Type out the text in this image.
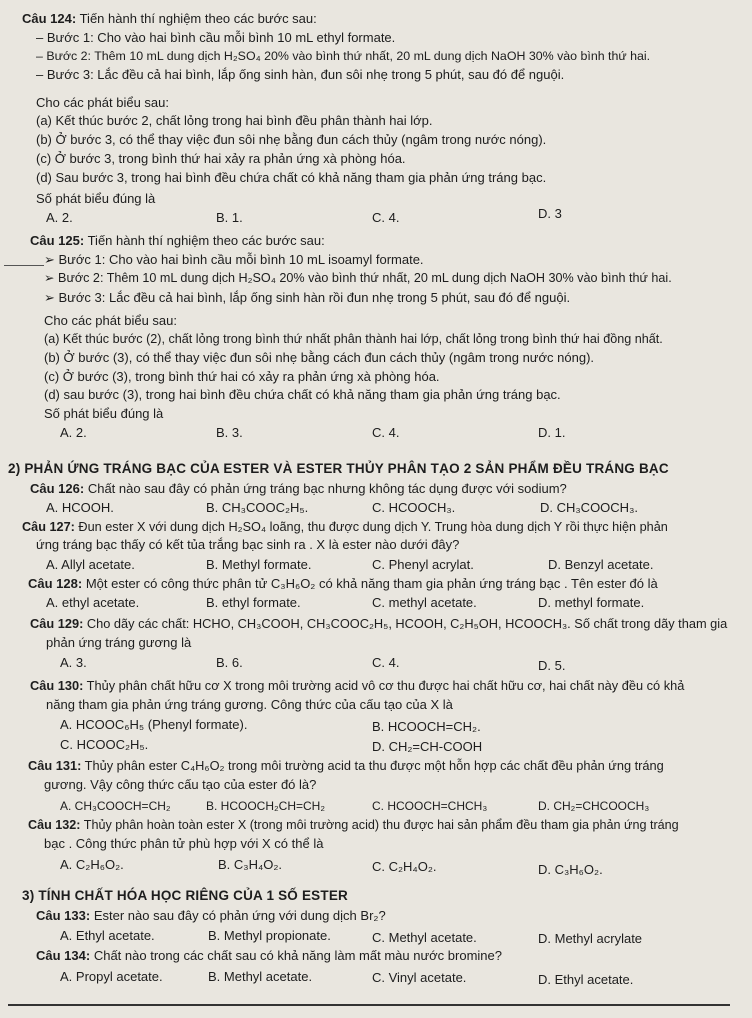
Câu 124: Tiến hành thí nghiệm theo các bước sau:
– Bước 1: Cho vào hai bình cầu mỗi bình 10 mL ethyl formate.
– Bước 2: Thêm 10 mL dung dịch H₂SO₄ 20% vào bình thứ nhất, 20 mL dung dịch NaOH 30% vào bình thứ hai.
– Bước 3: Lắc đều cả hai bình, lắp ống sinh hàn, đun sôi nhẹ trong 5 phút, sau đó để nguội.
Cho các phát biểu sau:
(a) Kết thúc bước 2, chất lỏng trong hai bình đều phân thành hai lớp.
(b) Ở bước 3, có thể thay việc đun sôi nhẹ bằng đun cách thủy (ngâm trong nước nóng).
(c) Ở bước 3, trong bình thứ hai xảy ra phản ứng xà phòng hóa.
(d) Sau bước 3, trong hai bình đều chứa chất có khả năng tham gia phản ứng tráng bạc.
Số phát biểu đúng là
A. 2.	B. 1.	C. 4.	D. 3
Câu 125: Tiến hành thí nghiệm theo các bước sau:
➢ Bước 1: Cho vào hai bình cầu mỗi bình 10 mL isoamyl formate.
➢ Bước 2: Thêm 10 mL dung dịch H₂SO₄ 20% vào bình thứ nhất, 20 mL dung dịch NaOH 30% vào bình thứ hai.
➢ Bước 3: Lắc đều cả hai bình, lắp ống sinh hàn rồi đun nhẹ trong 5 phút, sau đó để nguội.
Cho các phát biểu sau:
(a) Kết thúc bước (2), chất lỏng trong bình thứ nhất phân thành hai lớp, chất lỏng trong bình thứ hai đồng nhất.
(b) Ở bước (3), có thể thay việc đun sôi nhẹ bằng cách đun cách thủy (ngâm trong nước nóng).
(c) Ở bước (3), trong bình thứ hai có xảy ra phản ứng xà phòng hóa.
(d) sau bước (3), trong hai bình đều chứa chất có khả năng tham gia phản ứng tráng bạc.
Số phát biểu đúng là
A. 2.	B. 3.	C. 4.	D. 1.
2) PHẢN ỨNG TRÁNG BẠC CỦA ESTER VÀ ESTER THỦY PHÂN TẠO 2 SẢN PHẨM ĐỀU TRÁNG BẠC
Câu 126: Chất nào sau đây có phản ứng tráng bạc nhưng không tác dụng được với sodium?
A. HCOOH.	B. CH₃COOC₂H₅.	C. HCOOCH₃.	D. CH₃COOCH₃.
Câu 127: Đun ester X với dung dịch H₂SO₄ loãng, thu được dung dịch Y. Trung hòa dung dịch Y rồi thực hiện phản
ứng tráng bạc thấy có kết tủa trắng bạc sinh ra . X là ester nào dưới đây?
A. Allyl acetate.	B. Methyl formate.	C. Phenyl acrylat.	D. Benzyl acetate.
Câu 128: Một ester có công thức phân tử C₃H₆O₂ có khả năng tham gia phản ứng tráng bạc . Tên ester đó là
A. ethyl acetate.	B. ethyl formate.	C. methyl acetate.	D. methyl formate.
Câu 129: Cho dãy các chất: HCHO, CH₃COOH, CH₃COOC₂H₅, HCOOH, C₂H₅OH, HCOOCH₃. Số chất trong dãy tham gia
phản ứng tráng gương là
A. 3.	B. 6.	C. 4.	D. 5.
Câu 130: Thủy phân chất hữu cơ X trong môi trường acid vô cơ thu được hai chất hữu cơ, hai chất này đều có khả
năng tham gia phản ứng tráng gương. Công thức của cấu tạo của X là
A. HCOOC₆H₅ (Phenyl formate).	B. HCOOCH=CH₂.
C. HCOOC₂H₅.	D. CH₂=CH-COOH
Câu 131: Thủy phân ester C₄H₆O₂ trong môi trường acid ta thu được một hỗn hợp các chất đều phản ứng tráng
gương. Vậy công thức cấu tạo của ester đó là?
A. CH₃COOCH=CH₂	B. HCOOCH₂CH=CH₂	C. HCOOCH=CHCH₃	D. CH₂=CHCOOCH₃
Câu 132: Thủy phân hoàn toàn ester X (trong môi trường acid) thu được hai sản phẩm đều tham gia phản ứng tráng
bạc . Công thức phân tử phù hợp với X có thể là
A. C₂H₆O₂.	B. C₃H₄O₂.	C. C₂H₄O₂.	D. C₃H₆O₂.
3) TÍNH CHẤT HÓA HỌC RIÊNG CỦA 1 SỐ ESTER
Câu 133: Ester nào sau đây có phản ứng với dung dịch Br₂?
A. Ethyl acetate.	B. Methyl propionate.	C. Methyl acetate.	D. Methyl acrylate
Câu 134: Chất nào trong các chất sau có khả năng làm mất màu nước bromine?
A. Propyl acetate.	B. Methyl acetate.	C. Vinyl acetate.	D. Ethyl acetate.
